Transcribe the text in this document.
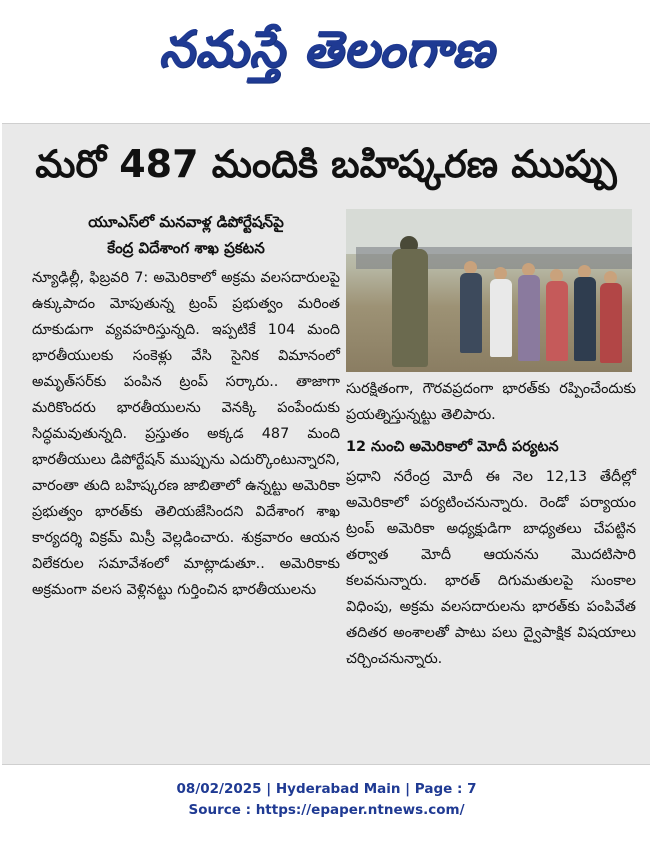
నమస్తే తెలంగాణ
మరో 487 మందికి బహిష్కరణ ముప్పు
యూఎస్‌లో మనవాళ్ల డిపోర్టేషన్‌పై
కేంద్ర విదేశాంగ శాఖ ప్రకటన
న్యూఢిల్లీ, ఫిబ్రవరి 7: అమెరికాలో అక్రమ వలసదారులపై ఉక్కుపాదం మోపుతున్న ట్రంప్ ప్రభుత్వం మరింత దూకుడుగా వ్యవహరిస్తున్నది. ఇప్పటికే 104 మంది భారతీయులకు సంకెళ్లు వేసి సైనిక విమానంలో అమృత్‌సర్‌కు పంపిన ట్రంప్ సర్కారు.. తాజాగా మరికొందరు భారతీయులను వెనక్కి పంపేందుకు సిద్ధమవుతున్నది. ప్రస్తుతం అక్కడ 487 మంది భారతీయులు డిపోర్టేషన్ ముప్పును ఎదుర్కొంటున్నారని, వారంతా తుది బహిష్కరణ జాబితాలో ఉన్నట్టు అమెరికా ప్రభుత్వం భారత్‌కు తెలియజేసిందని విదేశాంగ శాఖ కార్యదర్శి విక్రమ్ మిస్రీ వెల్లడించారు. శుక్రవారం ఆయన విలేకరుల సమావేశంలో మాట్లాడుతూ.. అమెరికాకు అక్రమంగా వలస వెళ్లినట్టు గుర్తించిన భారతీయులను
సురక్షితంగా, గౌరవప్రదంగా భారత్‌కు రప్పించేందుకు ప్రయత్నిస్తున్నట్టు తెలిపారు.
12 నుంచి అమెరికాలో మోదీ పర్యటన
ప్రధాని నరేంద్ర మోదీ ఈ నెల 12,13 తేదీల్లో అమెరికాలో పర్యటించనున్నారు. రెండో పర్యాయం ట్రంప్ అమెరికా అధ్యక్షుడిగా బాధ్యతలు చేపట్టిన తర్వాత మోదీ ఆయనను మొదటిసారి కలవనున్నారు. భారత్ దిగుమతులపై సుంకాల విధింపు, అక్రమ వలసదారులను భారత్‌కు పంపివేత తదితర అంశాలతో పాటు పలు ద్వైపాక్షిక విషయాలు చర్చించనున్నారు.
08/02/2025 | Hyderabad Main | Page : 7
Source : https://epaper.ntnews.com/
